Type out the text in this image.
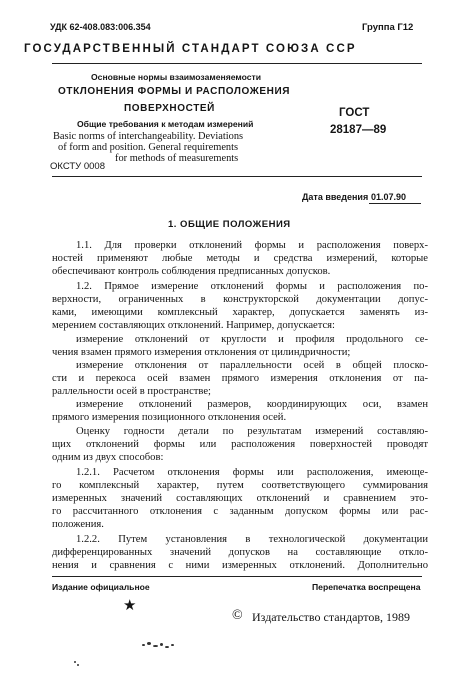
УДК 62-408.083:006.354	Группа Г12
ГОСУДАРСТВЕННЫЙ СТАНДАРТ СОЮЗА ССР
Основные нормы взаимозаменяемости
ОТКЛОНЕНИЯ ФОРМЫ И РАСПОЛОЖЕНИЯ
ПОВЕРХНОСТЕЙ
Общие требования к методам измерений
Basic norms of interchangeability. Deviations
of form and position. General requirements
for methods of measurements
ОКСТУ 0008
ГОСТ
28187—89
Дата введения 01.07.90
1. ОБЩИЕ ПОЛОЖЕНИЯ
1.1. Для проверки отклонений формы и расположения поверх-
ностей применяют любые методы и средства измерений, которые
обеспечивают контроль соблюдения предписанных допусков.
1.2. Прямое измерение отклонений формы и расположения по-
верхности, ограниченных в конструкторской документации допус-
ками, имеющими комплексный характер, допускается заменять из-
мерением составляющих отклонений. Например, допускается:
измерение отклонений от круглости и профиля продольного се-
чения взамен прямого измерения отклонения от цилиндричности;
измерение отклонения от параллельности осей в общей плоско-
сти и перекоса осей взамен прямого измерения отклонения от па-
раллельности осей в пространстве;
измерение отклонений размеров, координирующих оси, взамен
прямого измерения позиционного отклонения осей.
Оценку годности детали по результатам измерений составляю-
щих отклонений формы или расположения поверхностей проводят
одним из двух способов:
1.2.1. Расчетом отклонения формы или расположения, имеюще-
го комплексный характер, путем соответствующего суммирования
измеренных значений составляющих отклонений и сравнением это-
го рассчитанного отклонения с заданным допуском формы или рас-
положения.
1.2.2. Путем установления в технологической документации
дифференцированных значений допусков на составляющие откло-
нения и сравнения с ними измеренных отклонений. Дополнительно
Издание официальное	Перепечатка воспрещена
★
© Издательство стандартов, 1989
